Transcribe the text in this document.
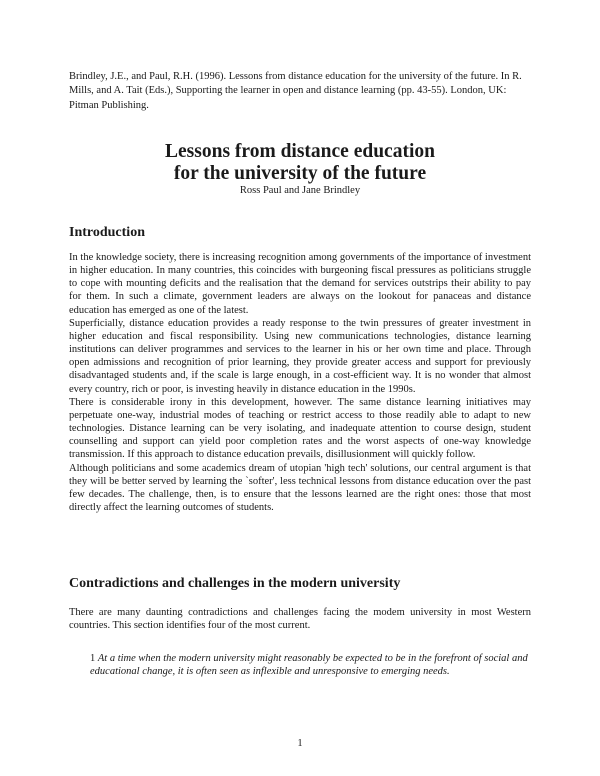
Brindley, J.E., and Paul, R.H. (1996). Lessons from distance education for the university of the future. In R. Mills, and A. Tait (Eds.), Supporting the learner in open and distance learning (pp. 43-55). London, UK: Pitman Publishing.
Lessons from distance education
for the university of the future
Ross Paul and Jane Brindley
Introduction

In the knowledge society, there is increasing recognition among governments of the importance of investment in higher education. In many countries, this coincides with burgeoning fiscal pressures as politicians struggle to cope with mounting deficits and the realisation that the demand for services outstrips their ability to pay for them. In such a climate, government leaders are always on the lookout for panaceas and distance education has emerged as one of the latest.

Superficially, distance education provides a ready response to the twin pressures of greater investment in higher education and fiscal responsibility. Using new communications technologies, distance learning institutions can deliver programmes and services to the learner in his or her own time and place. Through open admissions and recognition of prior learning, they provide greater access and support for previously disadvantaged students and, if the scale is large enough, in a cost-efficient way. It is no wonder that almost every country, rich or poor, is investing heavily in distance education in the 1990s.

There is considerable irony in this development, however. The same distance learning initiatives may perpetuate one-way, industrial modes of teaching or restrict access to those readily able to adapt to new technologies. Distance learning can be very isolating, and inadequate attention to course design, student counselling and support can yield poor completion rates and the worst aspects of one-way knowledge transmission. If this approach to distance education prevails, disillusionment will quickly follow.

Although politicians and some academics dream of utopian 'high tech' solutions, our central argument is that they will be better served by learning the `softer', less technical lessons from distance education over the past few decades. The challenge, then, is to ensure that the lessons learned are the right ones: those that most directly affect the learning outcomes of students.

Contradictions and challenges in the modern university

There are many daunting contradictions and challenges facing the modem university in most Western countries. This section identifies four of the most current.

1 At a time when the modern university might reasonably be expected to be in the forefront of social and educational change, it is often seen as inflexible and unresponsive to emerging needs.
1
